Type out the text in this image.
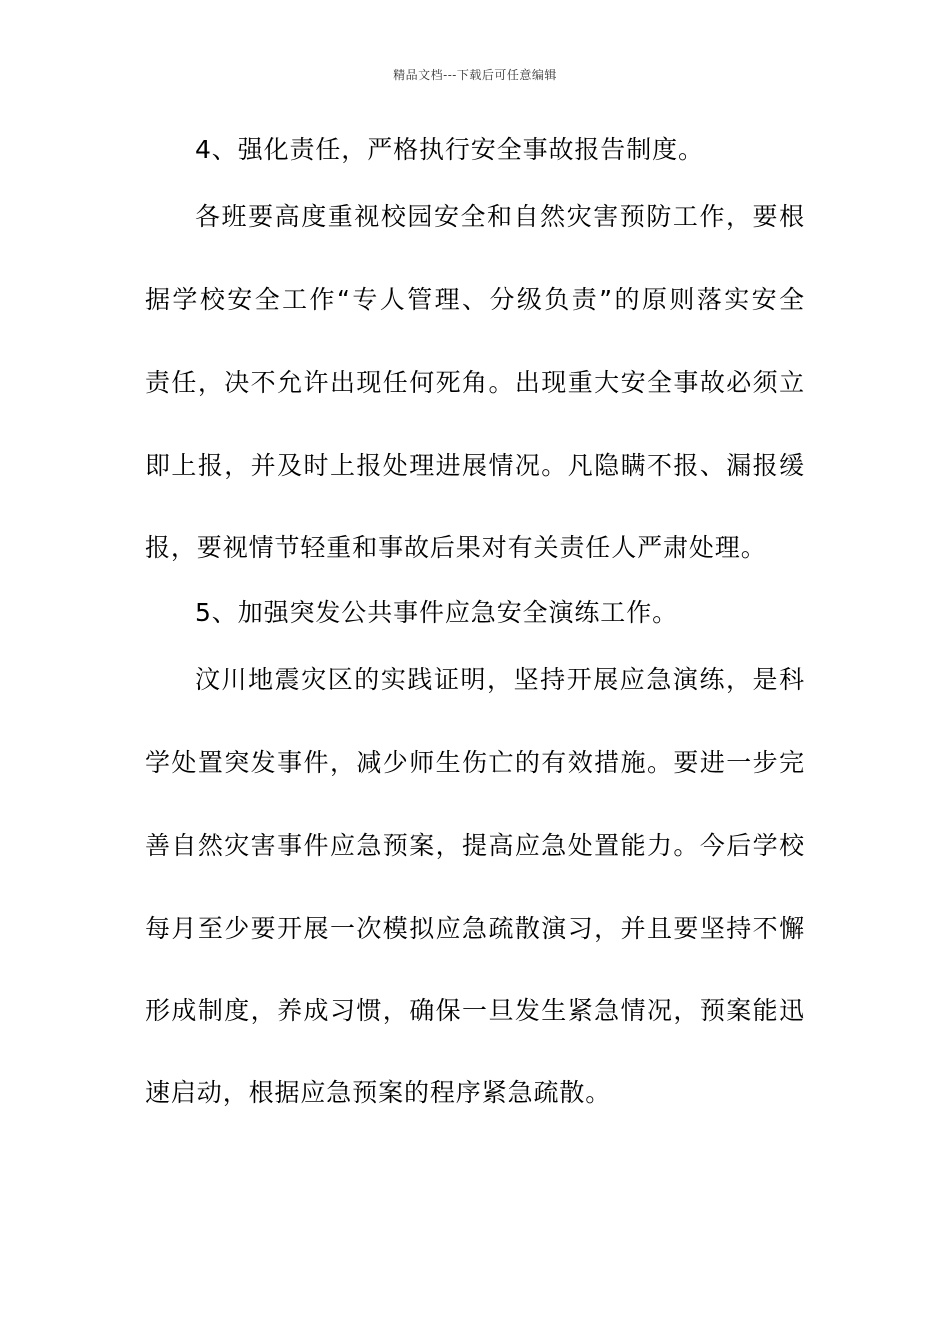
精品文档---下载后可任意编辑
4、强化责任，严格执行安全事故报告制度。
各班要高度重视校园安全和自然灾害预防工作，要根
据学校安全工作“专人管理、分级负责”的原则落实安全
责任，决不允许出现任何死角。出现重大安全事故必须立
即上报，并及时上报处理进展情况。凡隐瞒不报、漏报缓
报，要视情节轻重和事故后果对有关责任人严肃处理。
5、加强突发公共事件应急安全演练工作。
汶川地震灾区的实践证明，坚持开展应急演练，是科
学处置突发事件，减少师生伤亡的有效措施。要进一步完
善自然灾害事件应急预案，提高应急处置能力。今后学校
每月至少要开展一次模拟应急疏散演习，并且要坚持不懈
形成制度，养成习惯，确保一旦发生紧急情况，预案能迅
速启动，根据应急预案的程序紧急疏散。
